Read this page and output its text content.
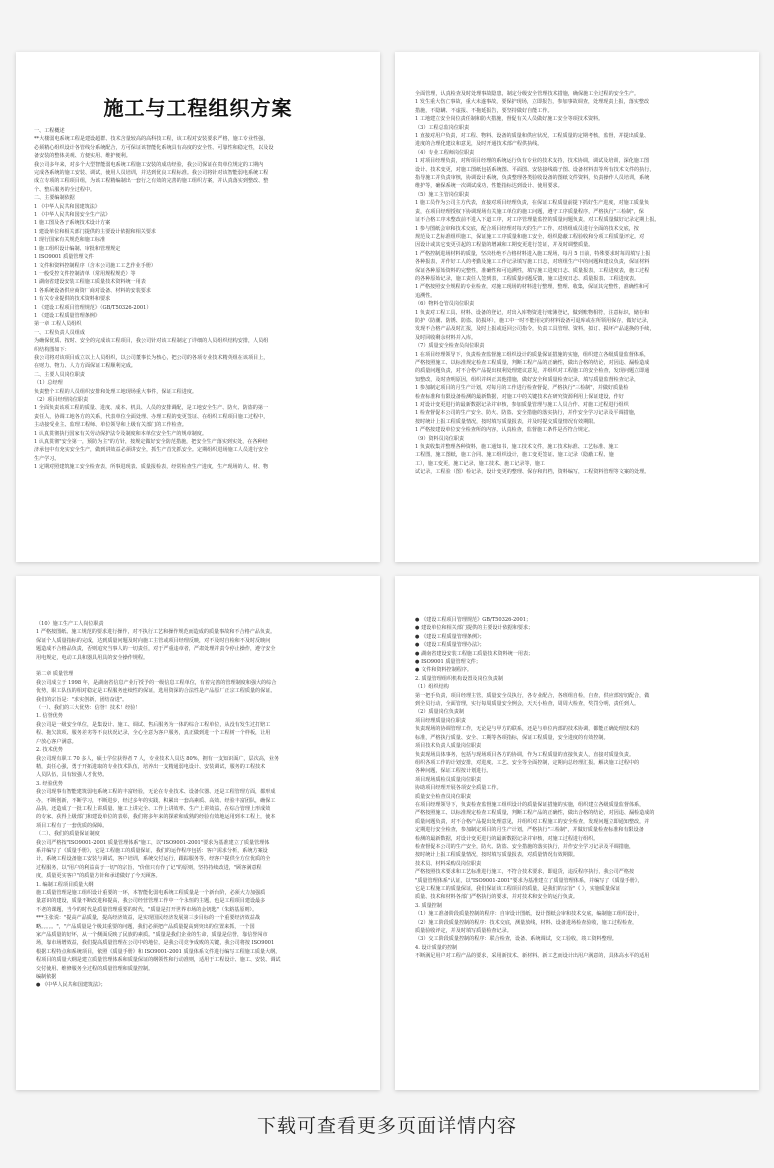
施工与工程组织方案
一、工程概述
**大楼弱电系统工程是建设超群、技术含量较高的高科技工程，该工程对安装要求严格，施工专业性强，
必须精心组织设计各管线分系统配合，方可保证该智能化系统具有高度的安全性、可靠性和稳定性，以及设
备安装的整体美观、方便实用、维护便利。
我公司多年来，对多个大型智能弱电系统工程施工安装的成功经验，我公司保证在贵单位规定的工期内
完成各系统的施工安装、调试，使用人员培训，并达到优良工程标准。我公司将针对该智能弱电系统工程
成立专项的工程项目组，为该工程精编制出一套行之有效的完善的施工组织方案，并认真落实到整改、整
个、整后服务的全过程中。
二、主要编制依据
1 《中华人民共和国建筑法》
1 《中华人民共和国安全生产法》
1 施工图及各子系统技术设计方案
1 建设单位和相关部门提供的主要设计依据和相关要求
1 现行国家有关规范和施工标准
1 施工组织设计编制、审批和管理规定
1 ISO9001 质量管理文件
1 文件和资料控制程序（含本公司施工工艺作业手册）
1 一般受控文件控制清单（常用规程规范）等
1 湖南省建设安装工程施工质量技术资料统一用表
1 各系统设备供应商资厂商对设备、材料的安装要求
1 有关专业提供的技术资料和要求
1 《建设工程项目管理规范》（GB/T50326-2001）
1 《建设工程质量管理条例》
第一章 工程人员组织
一、工程负责人员组成
为确保优质、按时、安全的完成该工程项目，我公司针对该工程制定了详细的人员组织结构安排，人员组
织结构图如下：
我公司将对该项目成立以上人员组织，以公司董事长为核心，把公司的各项专业技术精英组在该项目上，
在财力、物力、人力方面保证工程顺利完成。
二、主要人员岗位职责
（1）总经理
负责整个工程的人员组织安排和处理工地现场重大事件，保证工程进度。
（2）项目经理岗位职责
1 全面负责该项工程的质量、进度、成本、机具、人员的安排调配，是工地安全生产、防火、防盗的第一
责任人，协调工地各方的关系，代表单位全面处理、办理工程的变更签证、在组织工程项目施工过程中，
主动接受业主、监理工程师、单位领导和上级有关部门的工作检查。
1 认真贯彻执行国家有关劳动保护法令及制度和本单位安全生产的规章制度。
1 认真贯彻"安全第一，预防为主"的方针，按规定做好安全防范措施，把安全生产落实到实处，在各种经
济承包中有充实安全生产，做到讲效益必须讲安全，抓生产首先抓安全。定期组织进场施工人员进行安全
生产学习。
1 定期对照建筑施工安全检查表，所事进现表、质量报检表，经常检查生产进度，生产现场的人、材、物
全面管理，认真检查及时处理事故隐患，制定分级安全管理技术措施，确保施工全过程的安全生产。
1 发生重大伤亡事故，重大未遂事故，要保护现场，立即报告，参加事故调查，处理现责上报，落实整改
措施，不隐瞒、不虚报、不拖延报告，要坚持做好自能工作。
1 工地建立安全岗位责任制和防火措施，督促有关人员做好施工安全等项技术资料。
（3）工程总监岗位职责
1 直接对用户负责，对工程、物料、设备的质量和供应状况，工程质量的定期考核，监督，并提出质量、
进度的合理化建议和意见，及时开通技术部产程供执线。
（4）专业工程师岗位职责
1 对项目经理负责，对所项目经理的系统运行负有专业的技术支持，技术协调，调试及培训，深化施工图
设计、技术变更，对施工图纸包括系统图、平面图、安装接线端子图、设备材料表等所有技术文件的执行，
指导施工并负责审核，协调设计系统，负责整理各类验收设备的图纸文件资料，负责操作人员培训，系统
维护等，确保系统一次调试成功，性能指标达到设计、使用要求。
（5）施工主管岗位职责
1 施工员作为公司主方代表，直接对项目经理负责，在保证工程质量前提下抓好生产进度，对施工质量负
责，在项目经理授权下协调现场有关施工单位的施工问题，遵守工序质量程序，严格执行"三检制"，保
证不合格工序未整改前不进入下道工序，对工序管理量监控的质量问题负责，对工程质量做好记录定期上报。
1 参与图纸会审和技术交底，配合项目经理对每天的生产工作、对班组成员进行全面的技术交底，按
规范及工艺标准组织施工，保证施工工序质量和施工安全，组织隐蔽工程验收和分项工程质量评定。对
因设计或其它变更引起的工程量的增减和工期变更进行签证，并及时调整质量。
1 严格控制进场材料的质量，坚决杜绝不合格材料进入施工现场，每月 5 日前，特殊要求时每周填写上报
各种报表，并作好工人的考勤及施工工作记录填写施工日志，对班组生产中的问题和建议负责，保证材料
保证各种原始资料的完整性，准确性和可追溯性，填写施工进度日志、质量报表，工程进度表，施工过程
的各种原始记录，施工责任人签到表，工程质量问题反馈，施工进度日志、质量报表、工程进度表。
1 严格按照安全规程的专业检查，对施工现场的材料进行整理，整理、收集，保证其完整性，准确性和可
追溯性。
（6）物料仓管员岗位职责
1 负责对工程工具、材料、设备的登记，对出入库物资进行账簿登记，做到账物相符，注意标识，储存和
防护（防潮、防锈、防盗、防损坏），施工中一时不能用完的材料设备可退库或在所领用保存，做好记录，
发现不合格产品及时汇报，及时上报或返回公司指令，负责工具管理、资料，拟订、损坏产品退换的手续，
及时回收剩余材料并入库。
（7）质量安全检查员岗位职责
1 在项目经理领导下，负责检查监督施工组织设计的质量保证措施的实施，组织建立各级质量监督体系，
严格按照施工、以标准规定检查工程质量，判断工程产品的正确性，做出合格的结论，对因违、漏检造成
的质量问题负责，对不合格产品提出权利处理建议意见，并组织对工程施工的安全检查，发现问题立即通
知整改，及时查明原因，组织并纠正其他措施，做好安全和质量检查记录，填写质量监督检查记录，
1 参加制定项目的月生产计划，对每月的工作进行检查督促，严格执行"三检制"，并做好质量检
检查标准和有限设备检测的最新数据，对施工中的关键技术在研究资源利用上保证建设，作好
1 对设计变更进行的最新数据记录并审核，参加质量管理与施工人员合作、对施工过程进行组织
1 检查督促本公司的生产安全、防火、防盗、安全措施的落实执行，并作安全学习记录及平调措施，
按时统计上报工程质量情况，按时填写质量报表，并及时提交质量情况有效期限。
1 严格按建设单位安全检查所的内容，认真检查，监督施工条件是否符合规定。
（9）资料员岗位职责
1 负责收集并整理各种资料，施工通知书，施工技术文件，施工技术标准、工艺标准、施工
工程图，施工图纸，施工合同、施工组织设计，施工变更签证、施工记录（隐蔽工程、施
工），施工变更，施工记录，施工技术、施工记录等，施工
试记录，工程验（图）检记录，设计变更的整理、保存和归档，资料编写，工程资料管理等文案的处理。
（10）施工生产工人岗位职责
1 严格按图纸、施工规范的要求进行操作，对不执行工艺和操作规范而造成的质量事故和不合格产品负责。
保证个人质量指标的完成，达到质量问题及时向施工主管或项目经理反映，对不及时自检和不及时反映问
题造成不合格品负责，否则追究当事人的一切责任，对于严重违章者，严肃处理并责令停止操作，遵守安全
用电规定，电动工具和器具用具的安全操作规程。

第二章 质量管理
我公司成立于 1998 年，是湖南省信息产业厅授予的一级信息工程单位，有着完善的管理制度和强大的综合
优势，职工队伍的相对稳定是工程服务连续性的保证，选用资深的合法性是产品原厂正宗工程质量的保证。
我们的宗旨是："求实创新，团结奋进"。
（一）、我们的三大优势：信誉！技术！经验！
1. 信誉优势
我公司是一级安全单位，是集设计、施工、调试、售后服务为一体的综合工程单位，从没有发生过打赔工
程、拖欠款项、服务差劣等不良状况记录，全心全意为客户服务，真正做到进一个工程树一个样板，让用
户放心客户满意。
2. 技术优势
我公司现有职工 70 多人，硕士学位获得者 7 人，专业技术人员达 80%，拥有一支知识面广，层次高，业务
精，责任心强，勇于开拓进取的专业技术队伍，培养出一支精通弱电设计、安装调试，服务的工程技术
人员队伍，具有较强人才优势。
3. 经验优势
我公司现事有智能建筑弱电系统工程的丰富经验，无论在专业技术、设备仪器、还是工程管理方面，都形成
办，不断创新，不断学习，不断进步，经过多年的实践，积累出一套高素质、高效、经验丰富团队，确保工
品执，还造成了一批工程上讲质量、施工上讲完全、工作上讲效率、生产上讲效益，在综合管理上形成效
的专家、获得上级部门和建设单位的表彰，我们将多年来的探索和成熟的经验有效地运用到本工程上，使本
项目工程有了一套优质的保障。
（二）、我们的质量保证制度
我公司严格按"ISO9001-2001 质量管理体系"施工，以"ISO9001-2001"要求为基准建立了质量管理体
系并编写了《质量手册》，它是工程施工的质量保证，我们的运作程序包括：客户需求分析，系统方案设
计，系统工程设备施工安装与调试，客户培训，系统交付运行，跟踪服务等，经客户提供全方位优质的全
过程服务，以"用户的利益高于一切"的宗旨，"价值只有作了记"的原则，坚持持续改进，"顾客满意程
度，质量更实客户"的质量方针和承诺做好了今天顾客。
1. 编制工程项目质量大纲
施工质量管理是施工组织设计重要的一环，本智能化弱电系统工程质量是一个新台阶，必须大力加强质
量意识的建设，质量不断改进和提高，我公司经营管理工作中一个永恒的主题，也是工程项目建设最多
不老的课题，当今的时代是质量管理重要的时代，"质量是打开世界市场的金钥匙"（朱鎔基原则）。
***主张说："提高产品质量，提高经济效益，是实现国民经济发展第三步目标的一个重要经济效益战
略。。。。。"，"产品质量是个极其重要的问题，我们必须把产品质量提高到突出的位置来抓，一个国
家产品质量的好坏，从一个侧面反映了民族的素质。"质量是我们企业的生命，质量是信誉，靠信誉闯市
场，靠市场增效益，我们提高质量管理在公司中的地位，是我公司竞争成败的关键，我公司将按 ISO9001
根据工程特点和系统项目，依照《质量手册》和 ISO9001-2001 质量体系文件进行编写工程施工质量大纲，
程项目的质量大纲是建立质量管理体系和质量保证的纲领性和行动准则，适用于工程设计、施工、安装、调试
交付使用、维修服务全过程的质量管理和质量控制。
编制依据
● 《中华人民共和国建筑法》；
● 《建设工程项目管理规范》GB/T50326-2001；
● 建设单位和相关部门提供的主要设计依据和要求；
● 《建设工程质量管理条例》；
● 《建设工程质量管理办法》；
● 湖南省建设安装工程施工质量技术资料统一用表；
● ISO9001 质量管理文件；
● 文件和资料控制程序。
2. 质量管理组织机构设置及岗位负责制
（1）组织结构
第一把手负责，项目经理主管，质量安全员执行，各专业配合，各班组自检，自查，供应部密切配合，做
到全员行动，全面管理，实行每周质量安全例会，天天小检查，周周大检查，奖罚分明，责任到人。
（2）质量岗位负责制
项目经理质量岗位职责
负责现场的协调管理工作，无论是与甲方的联系，还是与单位内部的技术协调，都能正确处理技术的
标准，严格执行质量、安全、工期等各项指标，保证工程质量，安全进度的有效控制。
项目技术负责人质量岗位职责
负责现场具体事务，包括与现场项目各方的协调，作为工程质量的直接负责人，直接对质量负责。
组织各项工作的计划安排，对进度、工艺、安全等全面控制，定期向总经理汇报。解决施工过程中的
各种问题，保证工程按计划进行。
项目现场质检员质量岗位职责
协助项目经理开展各项安全质量工作。
质量安全检查员岗位职责
在项目经理领导下，负责检查监督施工组织设计的质量保证措施的实施，组织建立各级质量监督体系，
严格按照施工、以标准规定检查工程质量，判断工程产品的正确性，做出合格的结论，对因违、漏检造成的
质量问题负责，对不合格产品提出处理意见，并组织对工程施工的安全检查，发现问题立即通知整改，并
定期进行安全检查，参加制定项目的月生产计划，严格执行"三检制"，并做好质量检查标准和有限设备
检测的最新数据，对设计变更进行的最新数据记录并审核，对施工过程进行组织。
检查督促本公司的生产安全，防火、防盗、安全措施的落实执行，并作安全学习记录及平调措施，
按时统计上报工程质量情况，按时填写质量报表，对质量情况有效期限。
技术员、材料采购员岗位职责
严格按照技术要求和工艺标准进行施工，不符合技术要求，即退货，违反程序执行，我公司严格按
"质量管理体系"认证，以"ISO9001-2001"要求为基准建立了质量管理体系，并编写了《质量手册》，
它是工程施工的质量保证，我们保证该工程项目的质量，是我们的宗旨"《 》，实施质量保证
质量、技术和材料各部门严格执行的要求，并对技术和安全的运行负责。
3. 质量控制
（1）施工准备阶段质量控制的程序：自审设计图纸，设计图纸会审和技术交底，编制施工组织设计，
（2）施工阶段质量控制的程序：技术交底，测量放线，材料、设备进场检查验收，施工过程检查，
质量验收评定，并及时填写质量检查记录。
（3）交工阶段质量控制的程序：联合检查，设备、系统调试，交工验收，竣工资料整理。
4. 设计质量的控制
不断满足用户对工程产品的要求，采用新技术、新材料、新工艺而设计出用户满意的，具体高水平的适用
下载可查看更多页面详情内容
